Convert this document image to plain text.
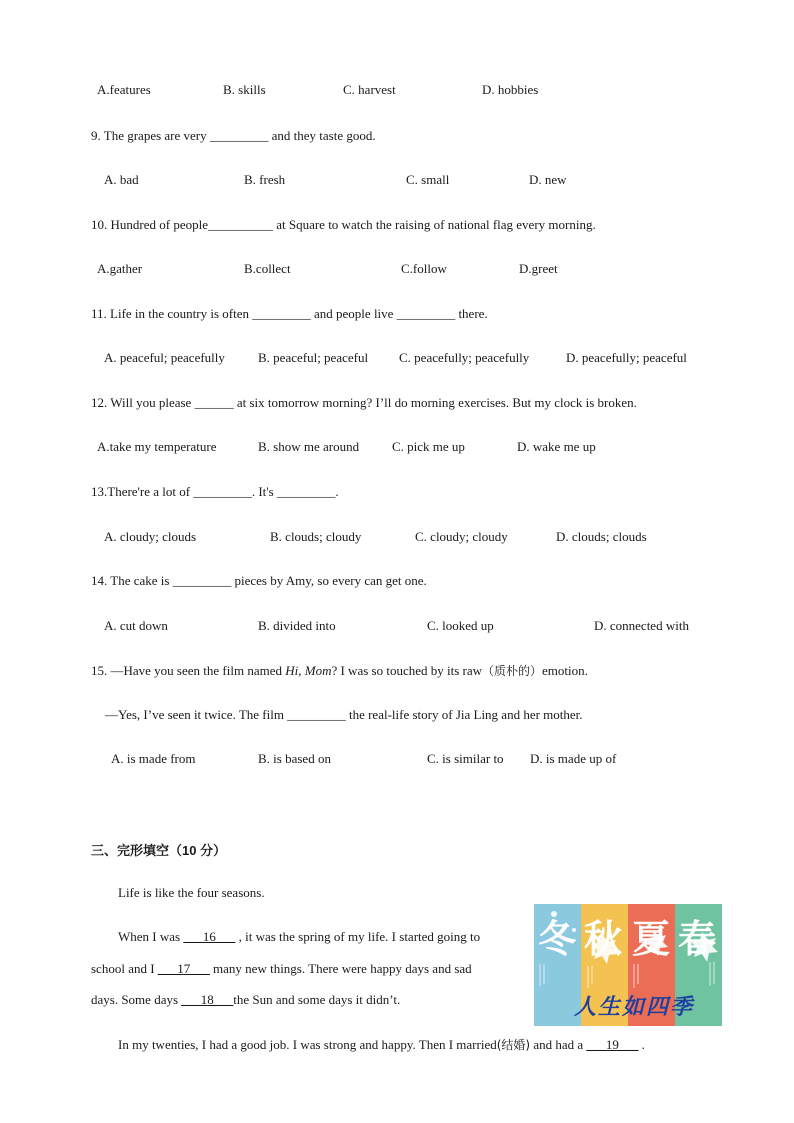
A.features	B. skills	C. harvest	D. hobbies
9. The grapes are very _________ and they taste good.
A. bad	B. fresh	C. small	D. new
10. Hundred of people__________ at Square to watch the raising of national flag every morning.
A.gather	B.collect	C.follow	D.greet
11. Life in the country is often _________ and people live _________ there.
A. peaceful; peacefully	B. peaceful; peaceful C. peacefully; peacefully	D. peacefully; peaceful
12. Will you please ______ at six tomorrow morning? I’ll do morning exercises. But my clock is broken.
A.take my temperature	B. show me around	C. pick me up	D. wake me up
13.There're a lot of _________. It's _________.
A. cloudy; clouds	B. clouds; cloudy	C. cloudy; cloudy	D. clouds; clouds
14. The cake is _________ pieces by Amy, so every can get one.
A. cut down	B. divided into	C. looked up	D. connected with
15. —Have you seen the film named Hi, Mom? I was so touched by its raw（质朴的）emotion.
—Yes, I’ve seen it twice. The film _________ the real-life story of Jia Ling and her mother.
A. is made from	B. is based on	C. is similar to D. is made up of
三、完形填空（10 分）
Life is like the four seasons.
When I was ___16___ , it was the spring of my life. I started going to
school and I ___17___ many new things. There were happy days and sad
days. Some days ___18___the Sun and some days it didn’t.
In my twenties, I had a good job. I was strong and happy. Then I married(结婚) and had a ___19___ .
冬 秋 夏 春
人生如四季
